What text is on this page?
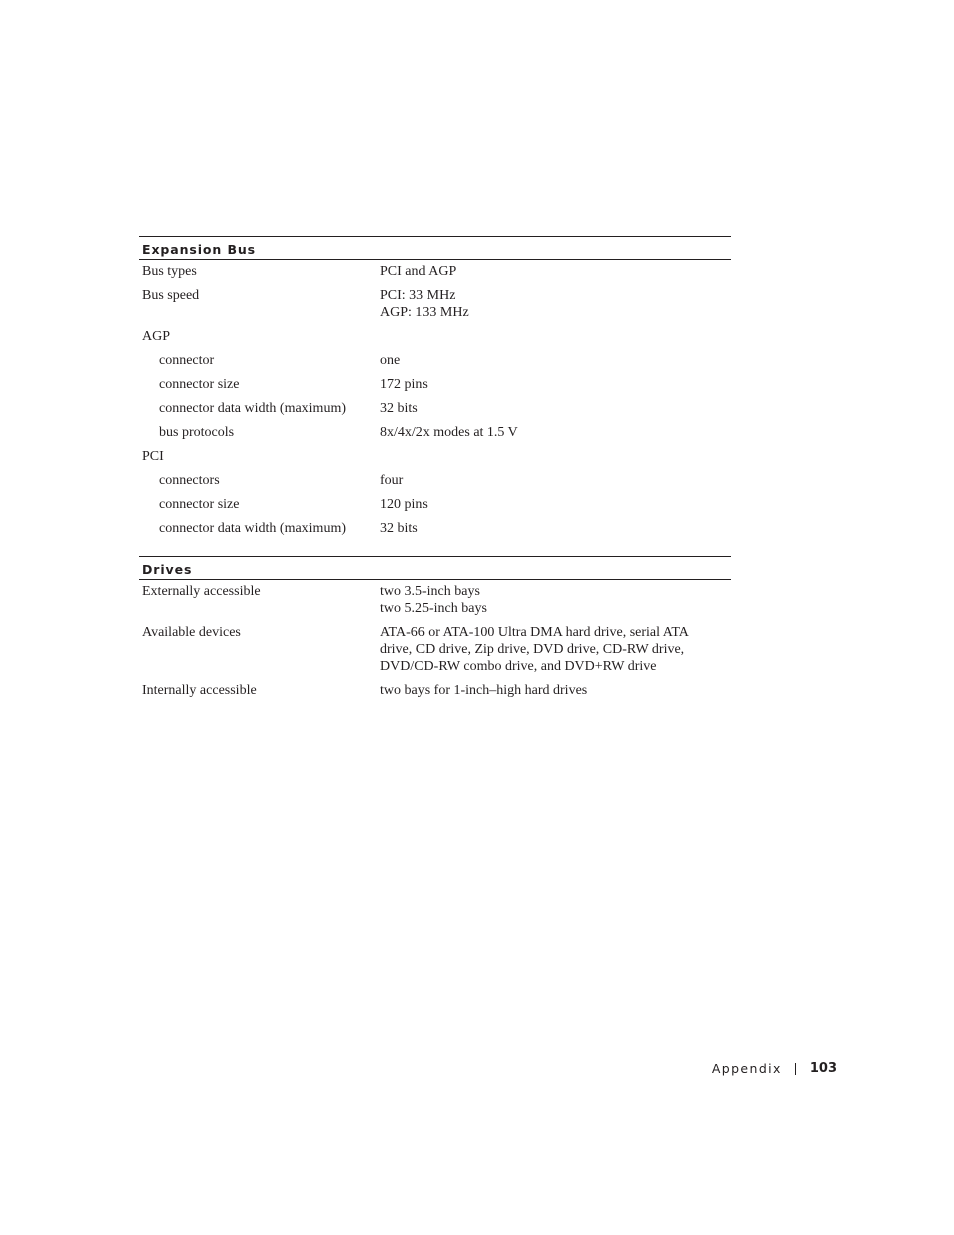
Expansion Bus
Bus types	PCI and AGP
Bus speed	PCI: 33 MHz
AGP: 133 MHz
AGP
connector	one
connector size	172 pins
connector data width (maximum)	32 bits
bus protocols	8x/4x/2x modes at 1.5 V
PCI
connectors	four
connector size	120 pins
connector data width (maximum)	32 bits
Drives
Externally accessible	two 3.5-inch bays
two 5.25-inch bays
Available devices	ATA-66 or ATA-100 Ultra DMA hard drive, serial ATA
drive, CD drive, Zip drive, DVD drive, CD-RW drive,
DVD/CD-RW combo drive, and DVD+RW drive
Internally accessible	two bays for 1-inch–high hard drives
Appendix 103
